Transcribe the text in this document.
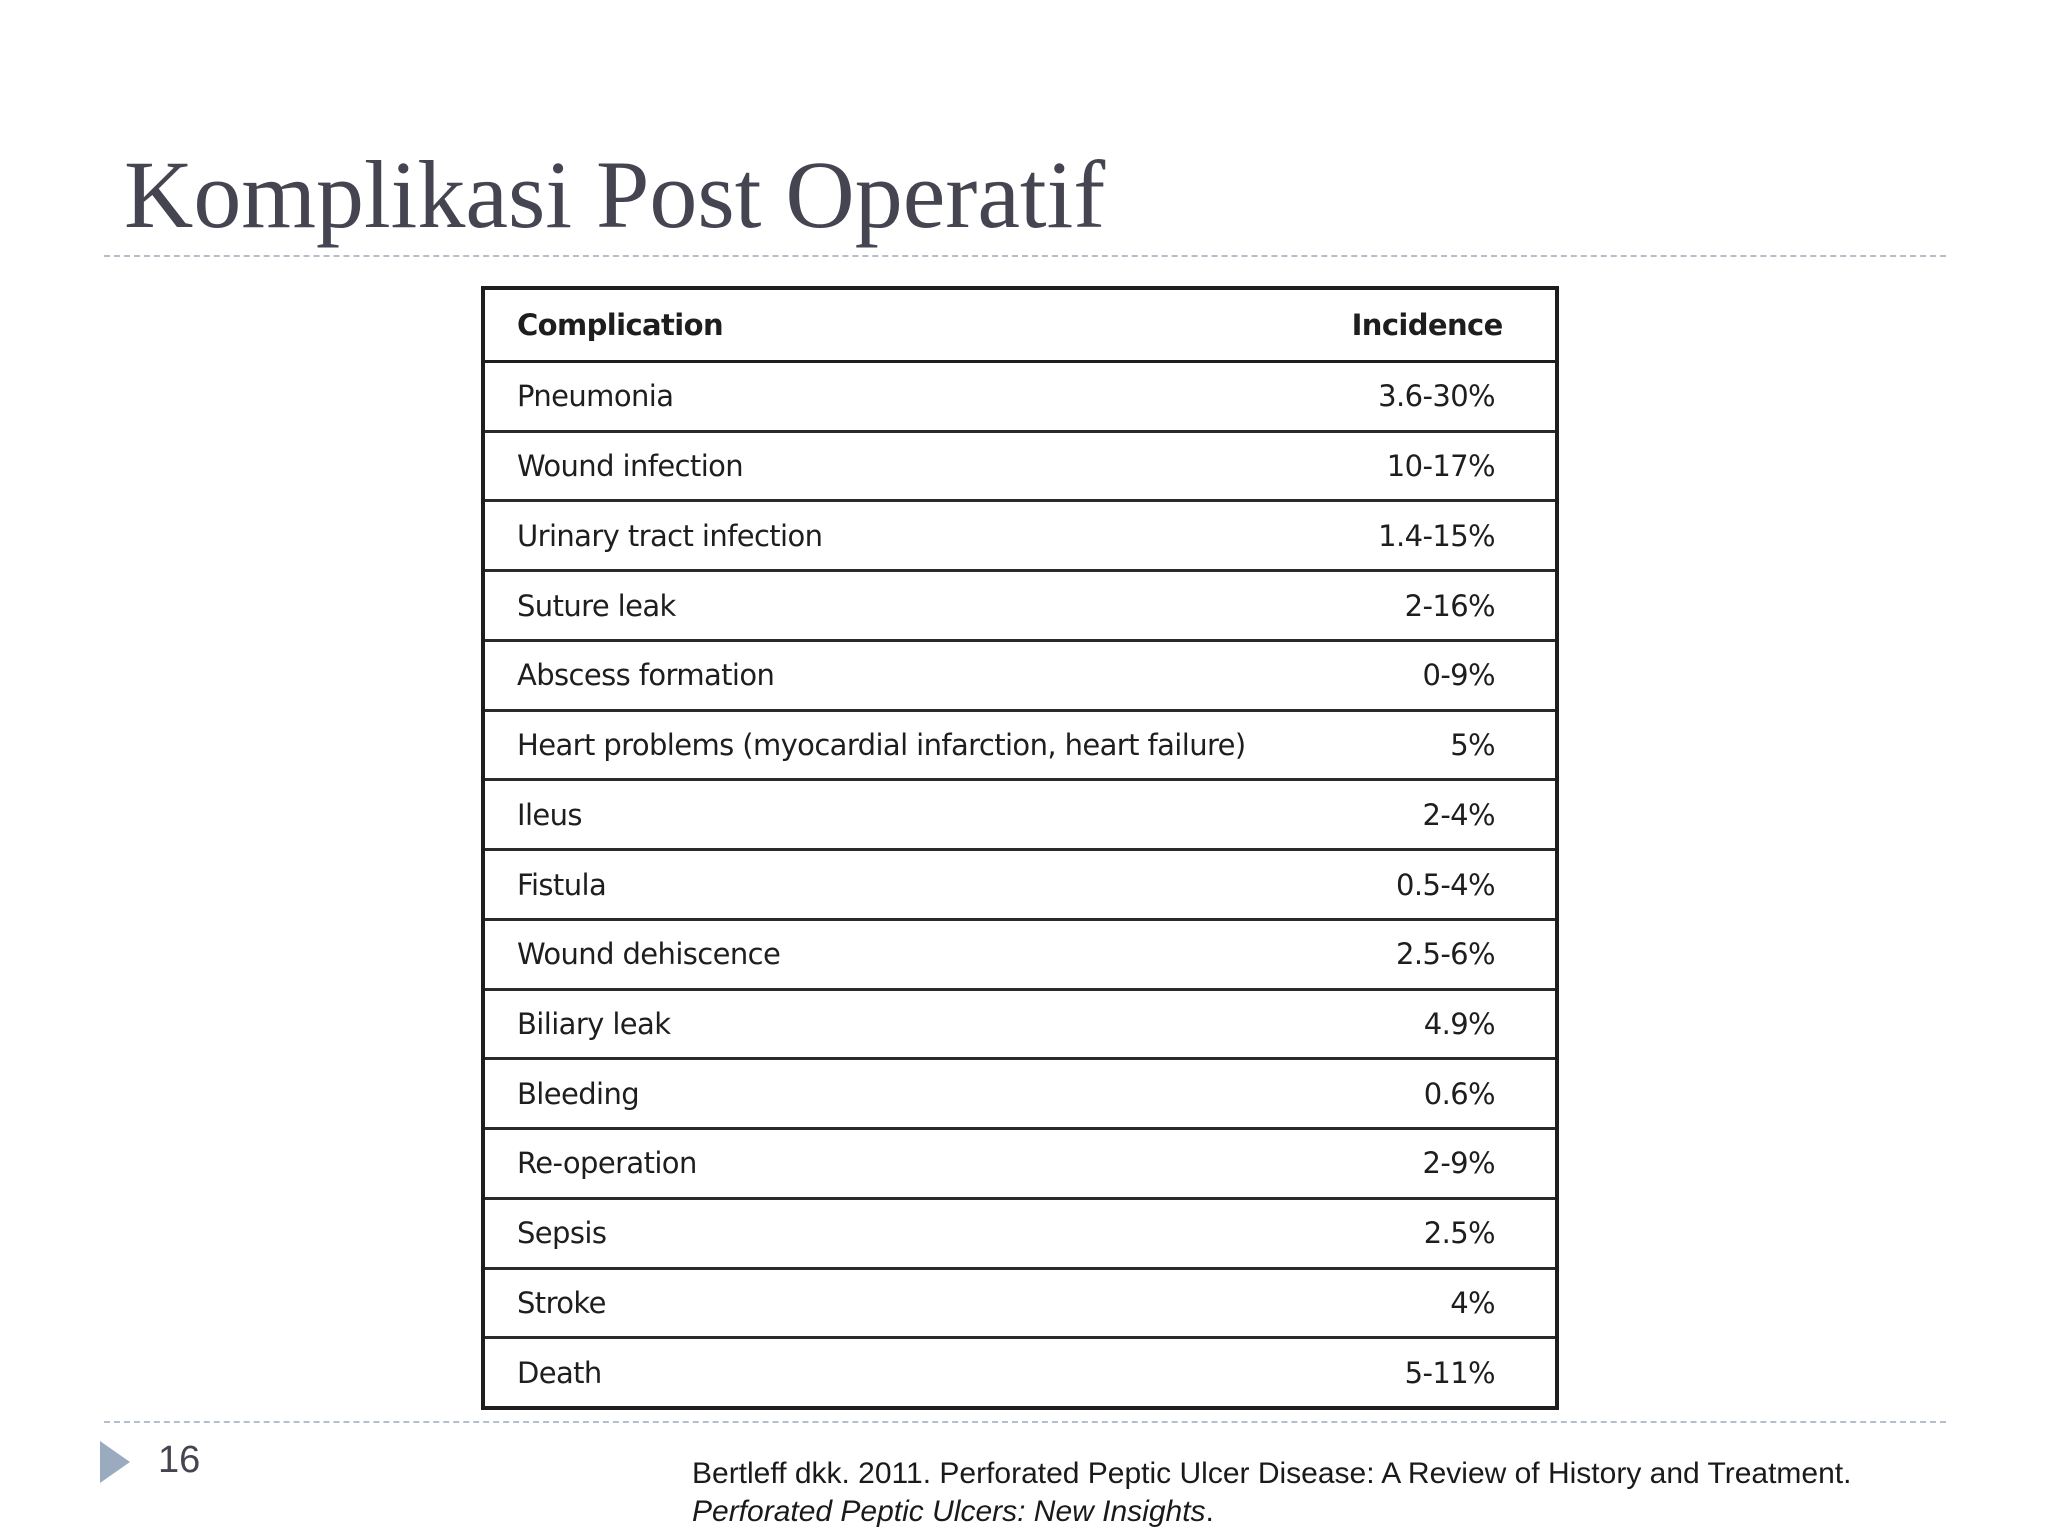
Komplikasi Post Operatif
Complication	Incidence
Pneumonia	3.6-30%
Wound infection	10-17%
Urinary tract infection	1.4-15%
Suture leak	2-16%
Abscess formation	0-9%
Heart problems (myocardial infarction, heart failure)	5%
Ileus	2-4%
Fistula	0.5-4%
Wound dehiscence	2.5-6%
Biliary leak	4.9%
Bleeding	0.6%
Re-operation	2-9%
Sepsis	2.5%
Stroke	4%
Death	5-11%
16	Bertleff dkk. 2011. Perforated Peptic Ulcer Disease: A Review of History and Treatment.
Perforated Peptic Ulcers: New Insights.
